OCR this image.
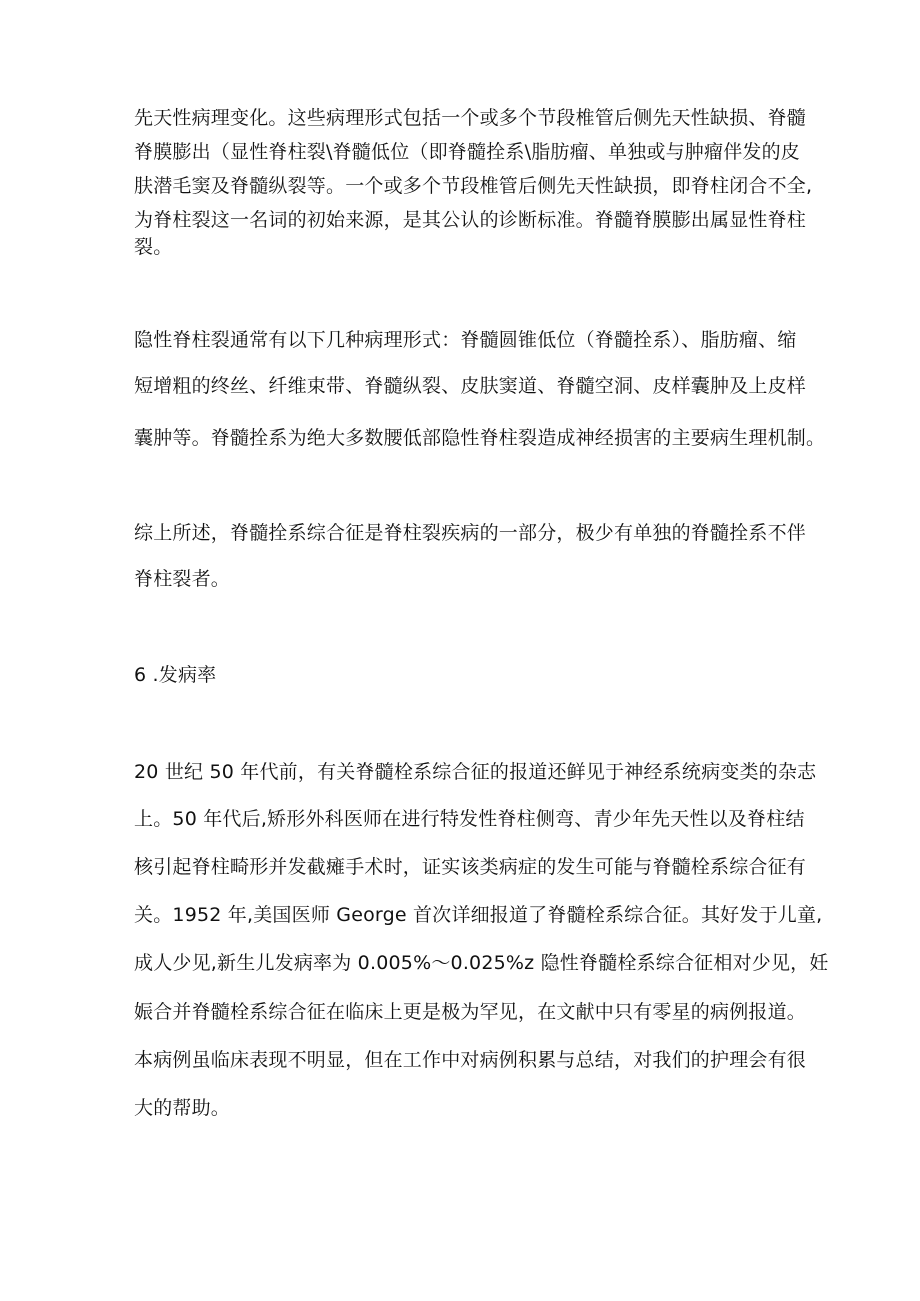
先天性病理变化。这些病理形式包括一个或多个节段椎管后侧先天性缺损、脊髓
脊膜膨出（显性脊柱裂\脊髓低位（即脊髓拴系\脂肪瘤、单独或与肿瘤伴发的皮
肤潜毛窦及脊髓纵裂等。一个或多个节段椎管后侧先天性缺损，即脊柱闭合不全,
为脊柱裂这一名词的初始来源，是其公认的诊断标准。脊髓脊膜膨出属显性脊柱
裂。
隐性脊柱裂通常有以下几种病理形式：脊髓圆锥低位（脊髓拴系）、脂肪瘤、缩
短增粗的终丝、纤维束带、脊髓纵裂、皮肤窦道、脊髓空洞、皮样囊肿及上皮样
囊肿等。脊髓拴系为绝大多数腰低部隐性脊柱裂造成神经损害的主要病生理机制。
综上所述，脊髓拴系综合征是脊柱裂疾病的一部分，极少有单独的脊髓拴系不伴
脊柱裂者。
6 .发病率
20 世纪 50 年代前，有关脊髓栓系综合征的报道还鲜见于神经系统病变类的杂志
上。50 年代后,矫形外科医师在进行特发性脊柱侧弯、青少年先天性以及脊柱结
核引起脊柱畸形并发截瘫手术时，证实该类病症的发生可能与脊髓栓系综合征有
关。1952 年,美国医师 George 首次详细报道了脊髓栓系综合征。其好发于儿童,
成人少见,新生儿发病率为 0.005%〜0.025%z 隐性脊髓栓系综合征相对少见，妊
娠合并脊髓栓系综合征在临床上更是极为罕见，在文献中只有零星的病例报道。
本病例虽临床表现不明显，但在工作中对病例积累与总结，对我们的护理会有很
大的帮助。
